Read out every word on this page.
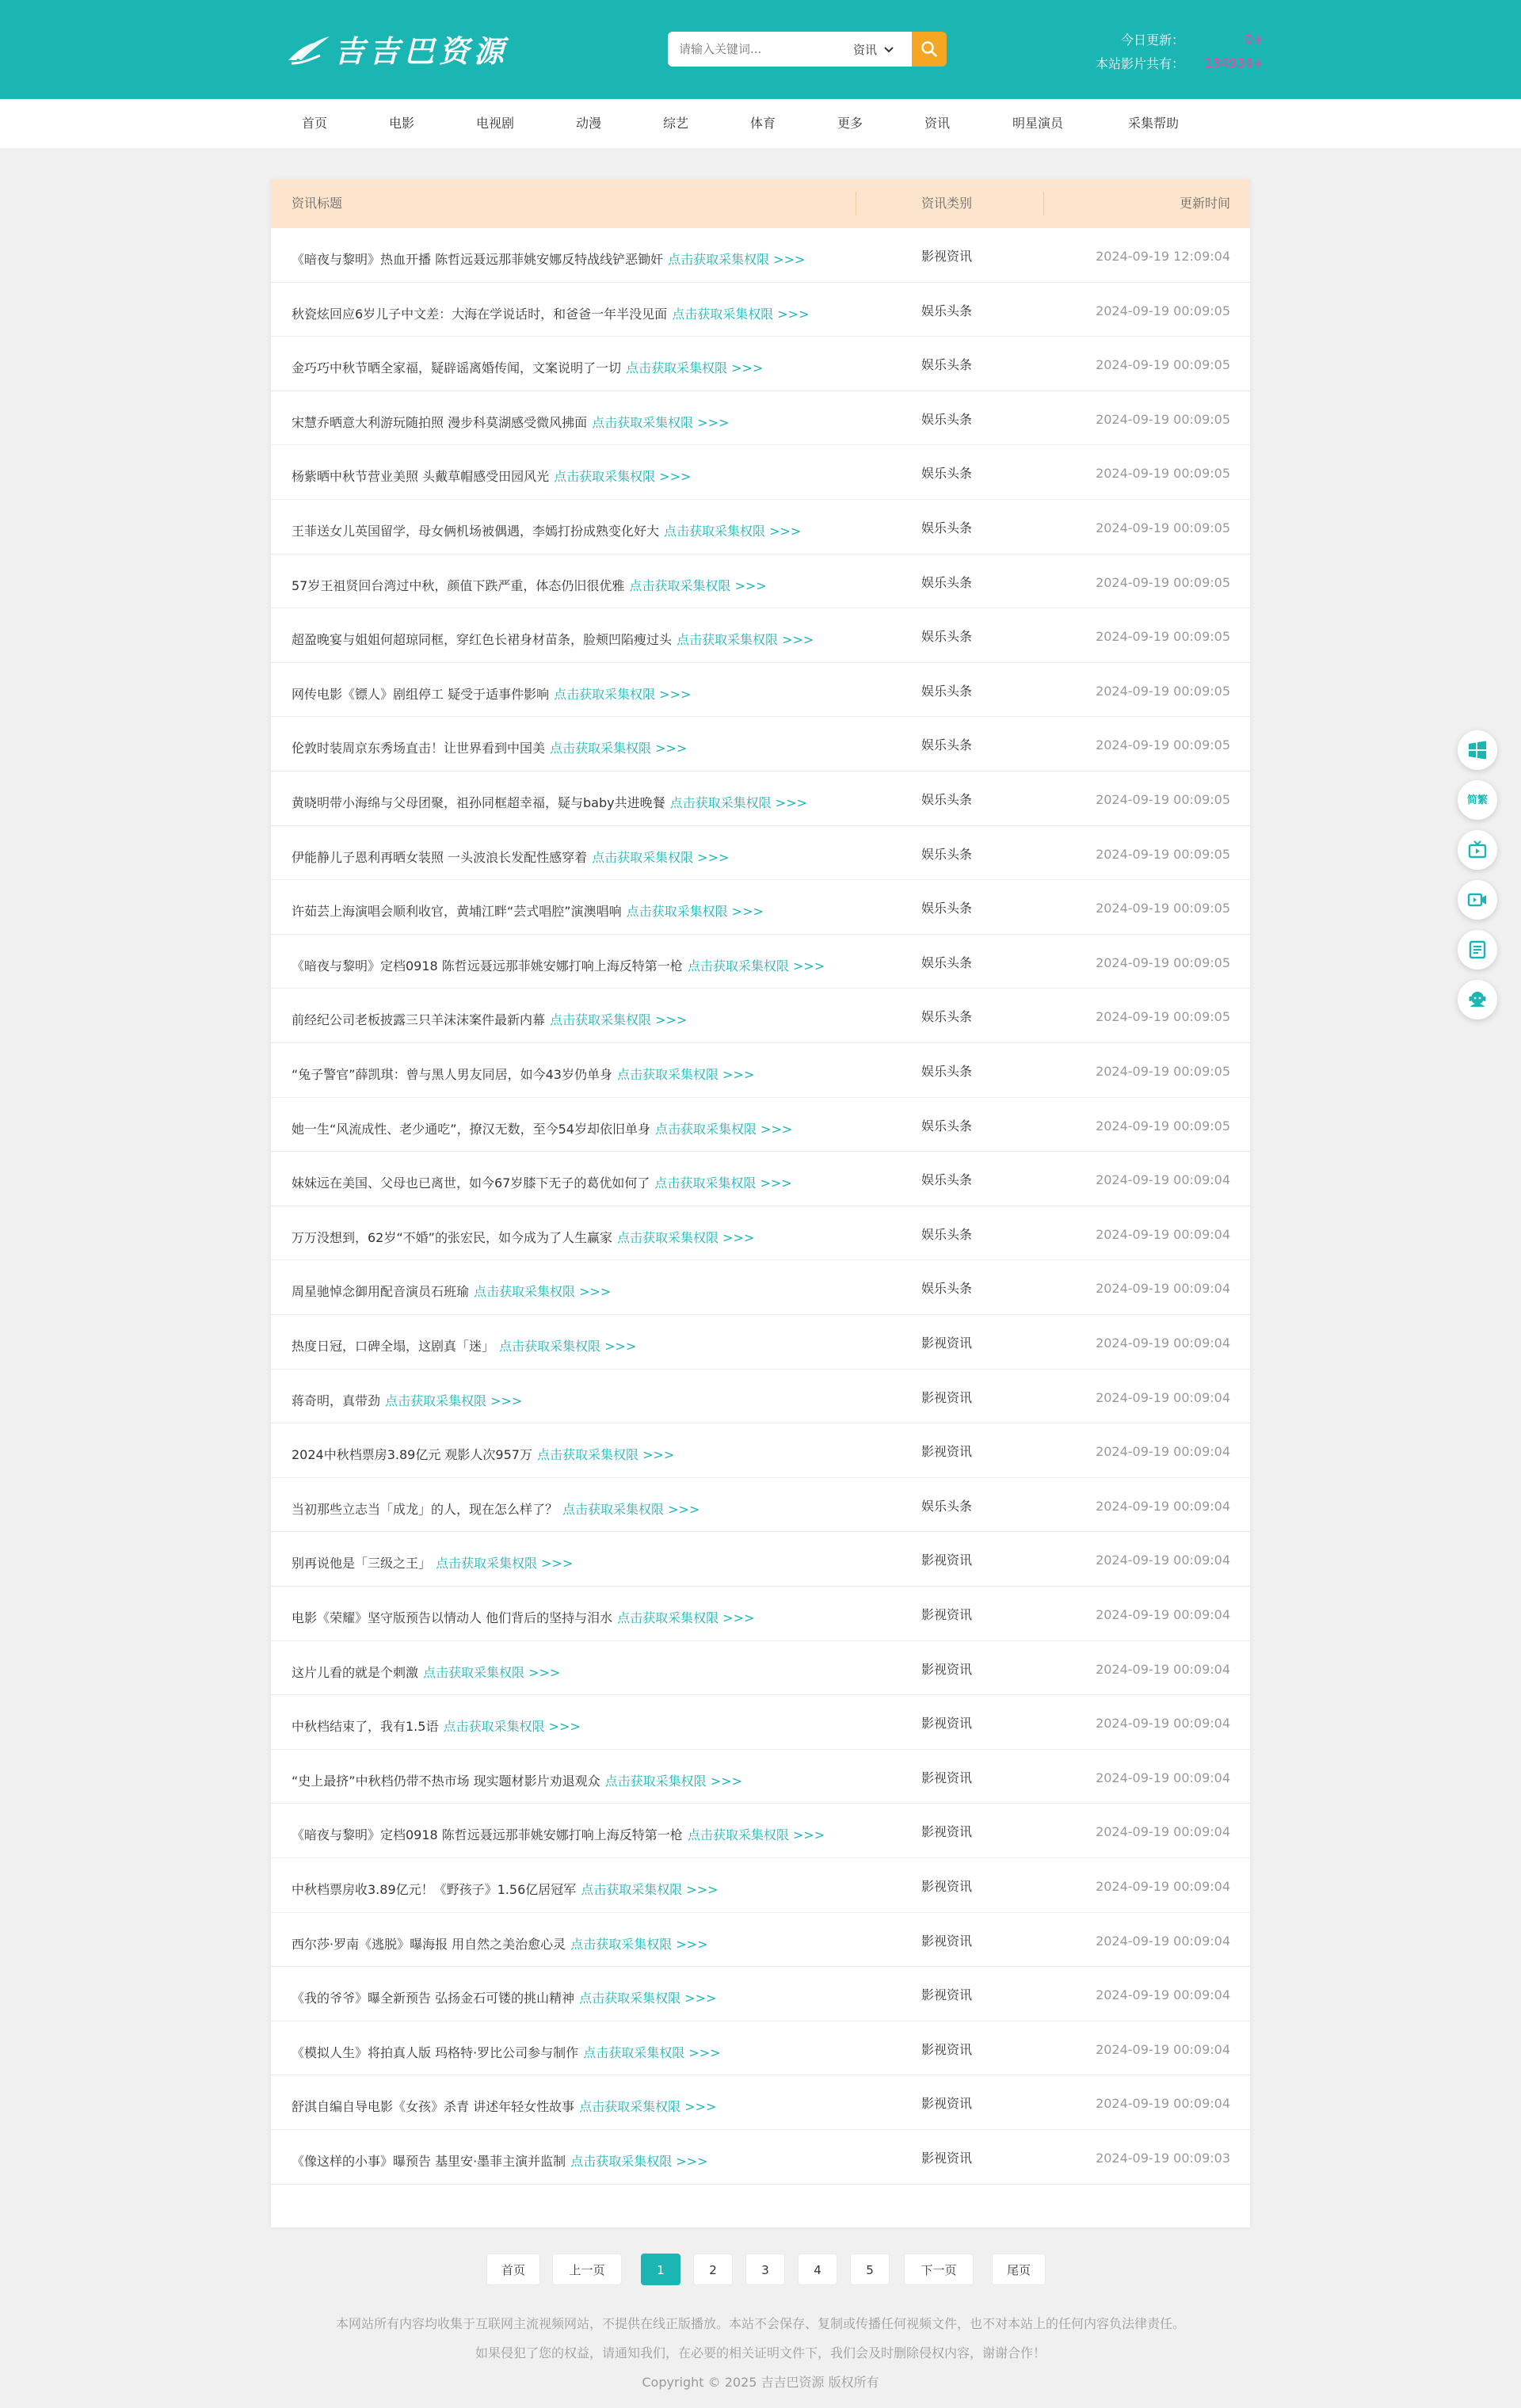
吉吉巴资源
请输入关键词...	资讯
今日更新：	0+
本站影片共有：	134934+
首页	电影	电视剧	动漫	综艺	体育	更多	资讯	明星演员	采集帮助
资讯标题	资讯类别	更新时间
《暗夜与黎明》热血开播 陈哲远聂远那菲姚安娜反特战线铲恶锄奸 点击获取采集权限 >>>	影视资讯	2024-09-19 12:09:04
秋瓷炫回应6岁儿子中文差：大海在学说话时，和爸爸一年半没见面 点击获取采集权限 >>>	娱乐头条	2024-09-19 00:09:05
金巧巧中秋节晒全家福，疑辟谣离婚传闻，文案说明了一切 点击获取采集权限 >>>	娱乐头条	2024-09-19 00:09:05
宋慧乔晒意大利游玩随拍照 漫步科莫湖感受微风拂面 点击获取采集权限 >>>	娱乐头条	2024-09-19 00:09:05
杨紫晒中秋节营业美照 头戴草帽感受田园风光 点击获取采集权限 >>>	娱乐头条	2024-09-19 00:09:05
王菲送女儿英国留学，母女俩机场被偶遇，李嫣打扮成熟变化好大 点击获取采集权限 >>>	娱乐头条	2024-09-19 00:09:05
57岁王祖贤回台湾过中秋，颜值下跌严重，体态仍旧很优雅 点击获取采集权限 >>>	娱乐头条	2024-09-19 00:09:05
超盈晚宴与姐姐何超琼同框，穿红色长裙身材苗条，脸颊凹陷瘦过头 点击获取采集权限 >>>	娱乐头条	2024-09-19 00:09:05
网传电影《镖人》剧组停工 疑受于适事件影响 点击获取采集权限 >>>	娱乐头条	2024-09-19 00:09:05
伦敦时装周京东秀场直击！让世界看到中国美 点击获取采集权限 >>>	娱乐头条	2024-09-19 00:09:05
黄晓明带小海绵与父母团聚，祖孙同框超幸福，疑与baby共进晚餐 点击获取采集权限 >>>	娱乐头条	2024-09-19 00:09:05
伊能静儿子恩利再晒女装照 一头波浪长发配性感穿着 点击获取采集权限 >>>	娱乐头条	2024-09-19 00:09:05
许茹芸上海演唱会顺利收官，黄埔江畔“芸式唱腔”演澳唱响 点击获取采集权限 >>>	娱乐头条	2024-09-19 00:09:05
《暗夜与黎明》定档0918 陈哲远聂远那菲姚安娜打响上海反特第一枪 点击获取采集权限 >>>	娱乐头条	2024-09-19 00:09:05
前经纪公司老板披露三只羊沫沫案件最新内幕 点击获取采集权限 >>>	娱乐头条	2024-09-19 00:09:05
“兔子警官”薛凯琪：曾与黑人男友同居，如今43岁仍单身 点击获取采集权限 >>>	娱乐头条	2024-09-19 00:09:05
她一生“风流成性、老少通吃”，撩汉无数，至今54岁却依旧单身 点击获取采集权限 >>>	娱乐头条	2024-09-19 00:09:05
妹妹远在美国、父母也已离世，如今67岁膝下无子的葛优如何了 点击获取采集权限 >>>	娱乐头条	2024-09-19 00:09:04
万万没想到，62岁“不婚”的张宏民，如今成为了人生赢家 点击获取采集权限 >>>	娱乐头条	2024-09-19 00:09:04
周星驰悼念御用配音演员石班瑜 点击获取采集权限 >>>	娱乐头条	2024-09-19 00:09:04
热度日冠，口碑全塌，这剧真「迷」 点击获取采集权限 >>>	影视资讯	2024-09-19 00:09:04
蒋奇明，真带劲 点击获取采集权限 >>>	影视资讯	2024-09-19 00:09:04
2024中秋档票房3.89亿元 观影人次957万 点击获取采集权限 >>>	影视资讯	2024-09-19 00:09:04
当初那些立志当「成龙」的人，现在怎么样了？ 点击获取采集权限 >>>	娱乐头条	2024-09-19 00:09:04
别再说他是「三级之王」 点击获取采集权限 >>>	影视资讯	2024-09-19 00:09:04
电影《荣耀》坚守版预告以情动人 他们背后的坚持与泪水 点击获取采集权限 >>>	影视资讯	2024-09-19 00:09:04
这片儿看的就是个刺激 点击获取采集权限 >>>	影视资讯	2024-09-19 00:09:04
中秋档结束了，我有1.5语 点击获取采集权限 >>>	影视资讯	2024-09-19 00:09:04
“史上最挤”中秋档仍带不热市场 现实题材影片劝退观众 点击获取采集权限 >>>	影视资讯	2024-09-19 00:09:04
《暗夜与黎明》定档0918 陈哲远聂远那菲姚安娜打响上海反特第一枪 点击获取采集权限 >>>	影视资讯	2024-09-19 00:09:04
中秋档票房收3.89亿元！《野孩子》1.56亿居冠军 点击获取采集权限 >>>	影视资讯	2024-09-19 00:09:04
西尔莎·罗南《逃脱》曝海报 用自然之美治愈心灵 点击获取采集权限 >>>	影视资讯	2024-09-19 00:09:04
《我的爷爷》曝全新预告 弘扬金石可镂的挑山精神 点击获取采集权限 >>>	影视资讯	2024-09-19 00:09:04
《模拟人生》将拍真人版 玛格特·罗比公司参与制作 点击获取采集权限 >>>	影视资讯	2024-09-19 00:09:04
舒淇自编自导电影《女孩》杀青 讲述年轻女性故事 点击获取采集权限 >>>	影视资讯	2024-09-19 00:09:04
《像这样的小事》曝预告 基里安·墨菲主演并监制 点击获取采集权限 >>>	影视资讯	2024-09-19 00:09:03
首页	上一页	1	2	3	4	5	下一页	尾页

本网站所有内容均收集于互联网主流视频网站，不提供在线正版播放。本站不会保存、复制或传播任何视频文件，也不对本站上的任何内容负法律责任。

如果侵犯了您的权益，请通知我们，在必要的相关证明文件下，我们会及时删除侵权内容，谢谢合作！

Copyright © 2025 吉吉巴资源 版权所有

简繁
